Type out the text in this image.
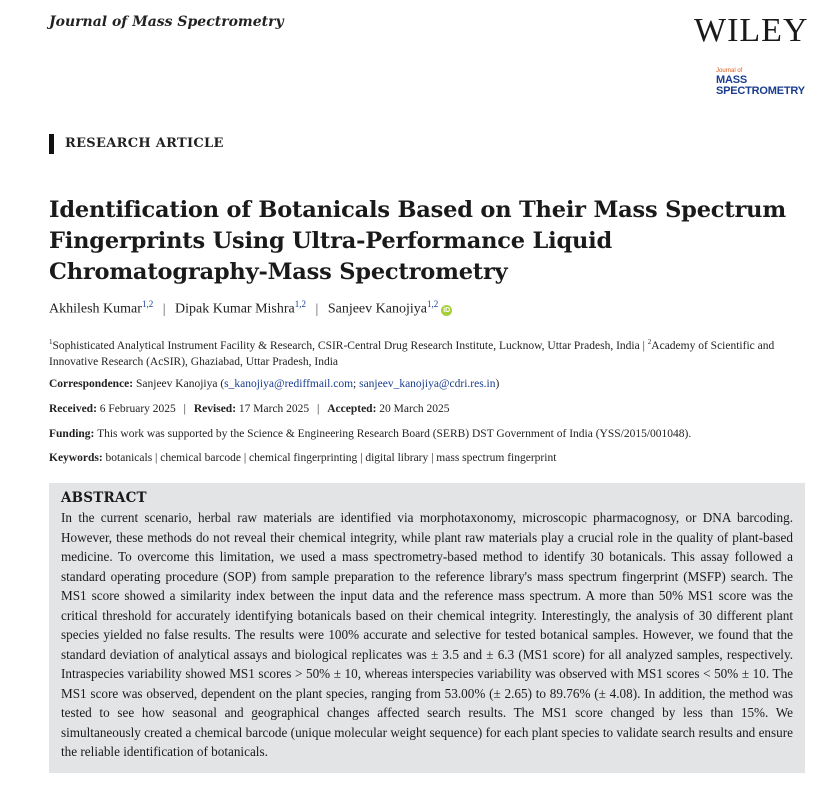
Journal of Mass Spectrometry	WILEY
Journal of
MASS
SPECTROMETRY
RESEARCH ARTICLE
Identification of Botanicals Based on Their Mass Spectrum Fingerprints Using Ultra-Performance Liquid Chromatography-Mass Spectrometry
Akhilesh Kumar$^{1,2}$ | Dipak Kumar Mishra$^{1,2}$ | Sanjeev Kanojiya$^{1,2}$iD
$^1$Sophisticated Analytical Instrument Facility & Research, CSIR-Central Drug Research Institute, Lucknow, Uttar Pradesh, India | $^2$Academy of Scientific and Innovative Research (AcSIR), Ghaziabad, Uttar Pradesh, India
Correspondence: Sanjeev Kanojiya (s_kanojiya@rediffmail.com; sanjeev_kanojiya@cdri.res.in)
Received: 6 February 2025 | Revised: 17 March 2025 | Accepted: 20 March 2025
Funding: This work was supported by the Science & Engineering Research Board (SERB) DST Government of India (YSS/2015/001048).
Keywords: botanicals | chemical barcode | chemical fingerprinting | digital library | mass spectrum fingerprint
ABSTRACT

In the current scenario, herbal raw materials are identified via morphotaxonomy, microscopic pharmacognosy, or DNA barcoding. However, these methods do not reveal their chemical integrity, while plant raw materials play a crucial role in the quality of plant-based medicine. To overcome this limitation, we used a mass spectrometry-based method to identify 30 botanicals. This assay followed a standard operating procedure (SOP) from sample preparation to the reference library's mass spectrum fingerprint (MSFP) search. The MS1 score showed a similarity index between the input data and the reference mass spectrum. A more than 50% MS1 score was the critical threshold for accurately identifying botanicals based on their chemical integrity. Interestingly, the analysis of 30 different plant species yielded no false results. The results were 100% accurate and selective for tested botanical samples. However, we found that the standard deviation of analytical assays and biological replicates was ± 3.5 and ± 6.3 (MS1 score) for all analyzed samples, respectively. Intraspecies variability showed MS1 scores > 50% ± 10, whereas interspecies variability was observed with MS1 scores < 50% ± 10. The MS1 score was observed, dependent on the plant species, ranging from 53.00% (± 2.65) to 89.76% (± 4.08). In addition, the method was tested to see how seasonal and geographical changes affected search results. The MS1 score changed by less than 15%. We simultaneously created a chemical barcode (unique molecular weight sequence) for each plant species to validate search results and ensure the reliable identification of botanicals.
